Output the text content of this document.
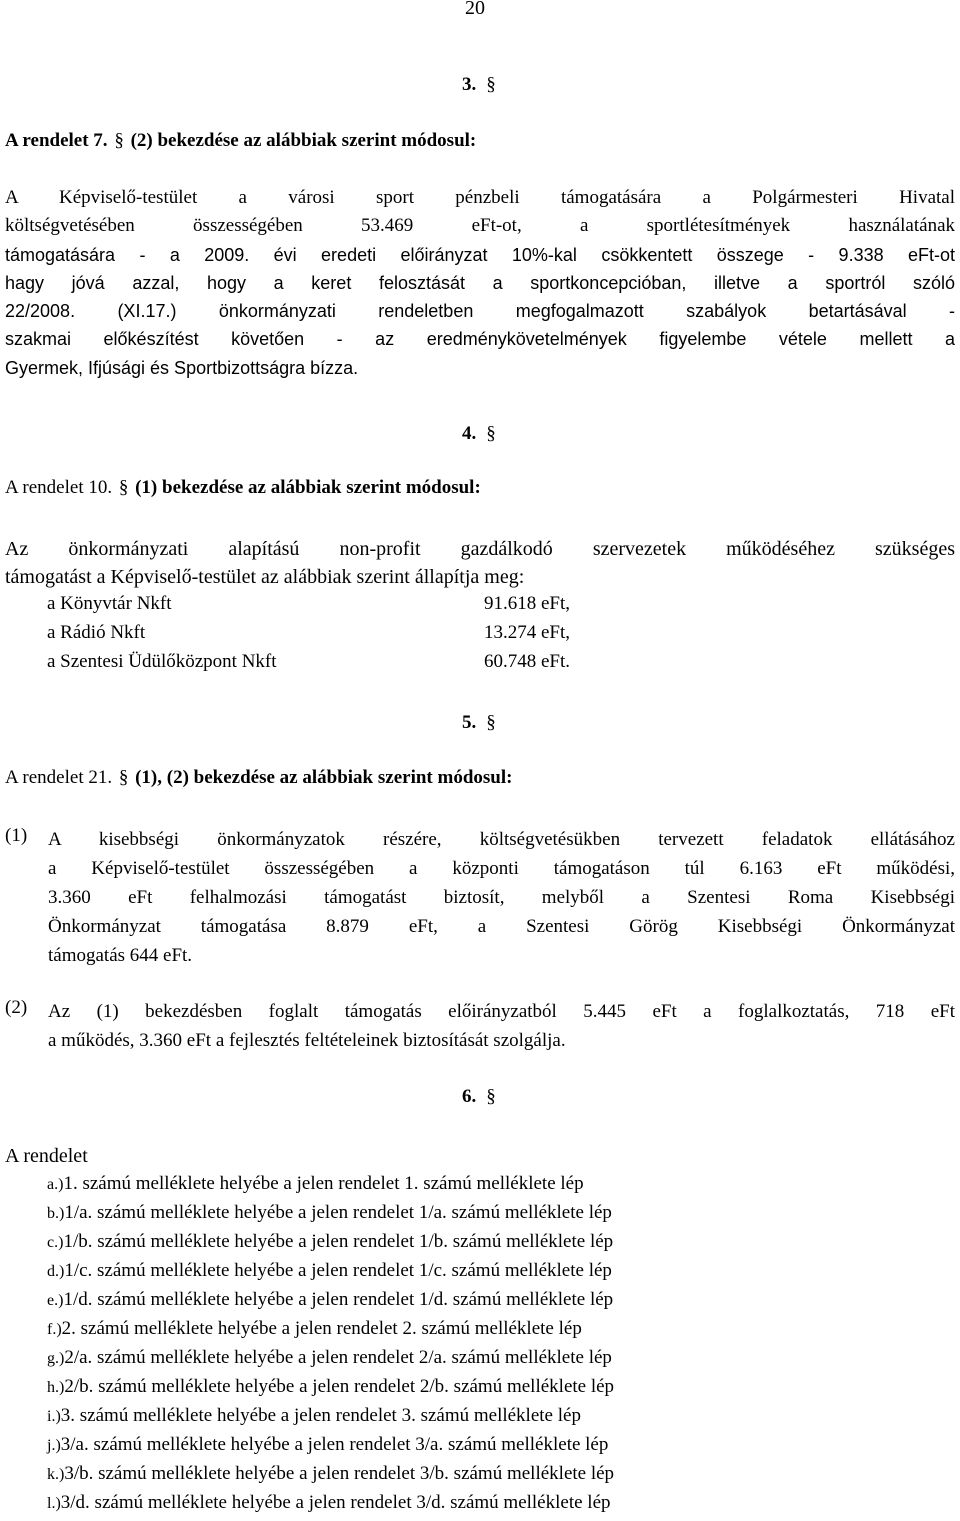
20
3. §
A rendelet 7. § (2) bekezdése az alábbiak szerint módosul:
A Képviselő-testület a városi sport pénzbeli támogatására a Polgármesteri Hivatal
költségvetésében összességében 53.469 eFt-ot, a sportlétesítmények használatának
támogatására - a 2009. évi eredeti előirányzat 10%-kal csökkentett összege - 9.338 eFt-ot
hagy jóvá azzal, hogy a keret felosztását a sportkoncepcióban, illetve a sportról szóló
22/2008. (XI.17.) önkormányzati rendeletben megfogalmazott szabályok betartásával -
szakmai előkészítést követően - az eredménykövetelmények figyelembe vétele mellett a
Gyermek, Ifjúsági és Sportbizottságra bízza.
4. §
A rendelet 10. § (1) bekezdése az alábbiak szerint módosul:
Az önkormányzati alapítású non-profit gazdálkodó szervezetek működéséhez szükséges
támogatást a Képviselő-testület az alábbiak szerint állapítja meg:
a Könyvtár Nkft	91.618 eFt,
a Rádió Nkft	13.274 eFt,
a Szentesi Üdülőközpont Nkft	60.748 eFt.
5. §
A rendelet 21. § (1), (2) bekezdése az alábbiak szerint módosul:
(1) A kisebbségi önkormányzatok részére, költségvetésükben tervezett feladatok ellátásához
a Képviselő-testület összességében a központi támogatáson túl 6.163 eFt működési,
3.360 eFt felhalmozási támogatást biztosít, melyből a Szentesi Roma Kisebbségi
Önkormányzat támogatása 8.879 eFt, a Szentesi Görög Kisebbségi Önkormányzat
támogatás 644 eFt.
(2) Az (1) bekezdésben foglalt támogatás előirányzatból 5.445 eFt a foglalkoztatás, 718 eFt
a működés, 3.360 eFt a fejlesztés feltételeinek biztosítását szolgálja.
6. §
A rendelet
a.)1. számú melléklete helyébe a jelen rendelet 1. számú melléklete lép
b.)1/a. számú melléklete helyébe a jelen rendelet 1/a. számú melléklete lép
c.)1/b. számú melléklete helyébe a jelen rendelet 1/b. számú melléklete lép
d.)1/c. számú melléklete helyébe a jelen rendelet 1/c. számú melléklete lép
e.)1/d. számú melléklete helyébe a jelen rendelet 1/d. számú melléklete lép
f.)2. számú melléklete helyébe a jelen rendelet 2. számú melléklete lép
g.)2/a. számú melléklete helyébe a jelen rendelet 2/a. számú melléklete lép
h.)2/b. számú melléklete helyébe a jelen rendelet 2/b. számú melléklete lép
i.)3. számú melléklete helyébe a jelen rendelet 3. számú melléklete lép
j.)3/a. számú melléklete helyébe a jelen rendelet 3/a. számú melléklete lép
k.)3/b. számú melléklete helyébe a jelen rendelet 3/b. számú melléklete lép
l.)3/d. számú melléklete helyébe a jelen rendelet 3/d. számú melléklete lép
